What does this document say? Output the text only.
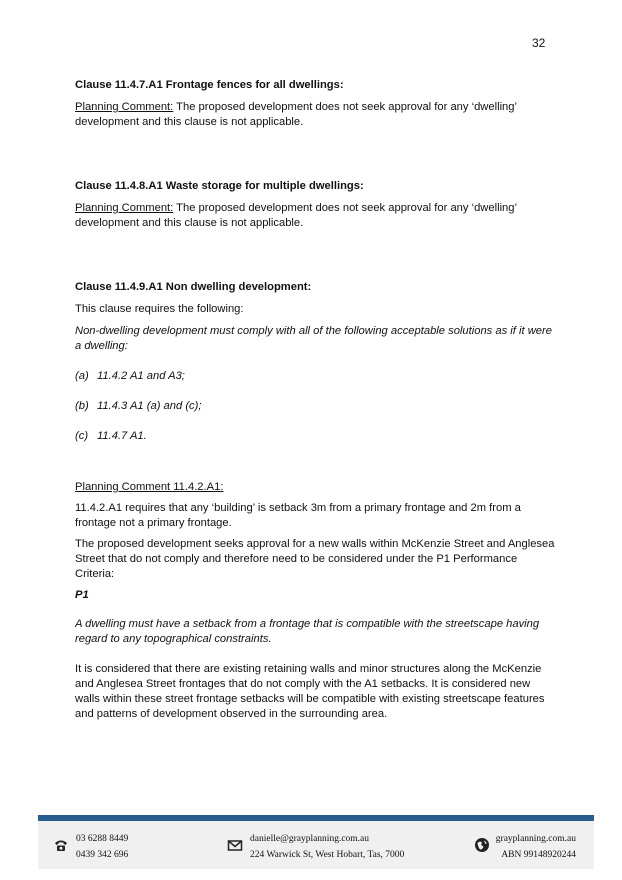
32

Clause 11.4.7.A1 Frontage fences for all dwellings:

Planning Comment: The proposed development does not seek approval for any ‘dwelling’ development and this clause is not applicable.

Clause 11.4.8.A1 Waste storage for multiple dwellings:

Planning Comment: The proposed development does not seek approval for any ‘dwelling’ development and this clause is not applicable.

Clause 11.4.9.A1 Non dwelling development:

This clause requires the following:

Non-dwelling development must comply with all of the following acceptable solutions as if it were a dwelling:

(a) 11.4.2 A1 and A3;
(b) 11.4.3 A1 (a) and (c);
(c) 11.4.7 A1.

Planning Comment 11.4.2.A1:

11.4.2.A1 requires that any ‘building’ is setback 3m from a primary frontage and 2m from a frontage not a primary frontage.

The proposed development seeks approval for a new walls within McKenzie Street and Anglesea Street that do not comply and therefore need to be considered under the P1 Performance Criteria:

P1

A dwelling must have a setback from a frontage that is compatible with the streetscape having regard to any topographical constraints.

It is considered that there are existing retaining walls and minor structures along the McKenzie and Anglesea Street frontages that do not comply with the A1 setbacks. It is considered new walls within these street frontage setbacks will be compatible with existing streetscape features and patterns of development observed in the surrounding area.

03 6288 8449
0439 342 696
danielle@grayplanning.com.au
224 Warwick St, West Hobart, Tas, 7000
grayplanning.com.au
ABN 99148920244
